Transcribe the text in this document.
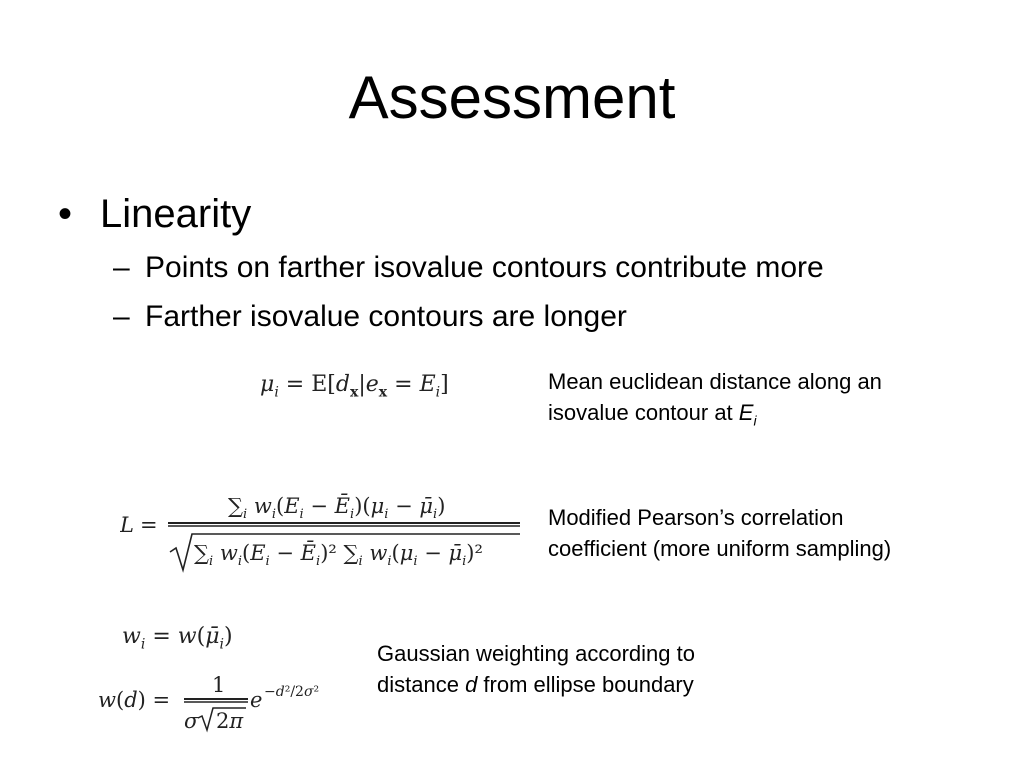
Assessment
• Linearity
– Points on farther isovalue contours contribute more
– Farther isovalue contours are longer
$\mu_i = E[d_x|e_x = E_i]$
L =
$\sum_i$ $w_i(E_i$ − $Ē_i)(\mu_i$ − $\mū_i$)
$\sum_i$ $w_i(E_i$ − $Ē_i)^2$ $\sum_i$ $w_i(\mu_i$ − $\mū_i)^2$
$w_i$ = $w(\mū_i)$
w(d) =
1
σ 2π
e −d²/2σ²
Mean euclidean distance along an
isovalue contour at $E_i$
Modified Pearson’s correlation
coefficient (more uniform sampling)
Gaussian weighting according to
distance d from ellipse boundary
